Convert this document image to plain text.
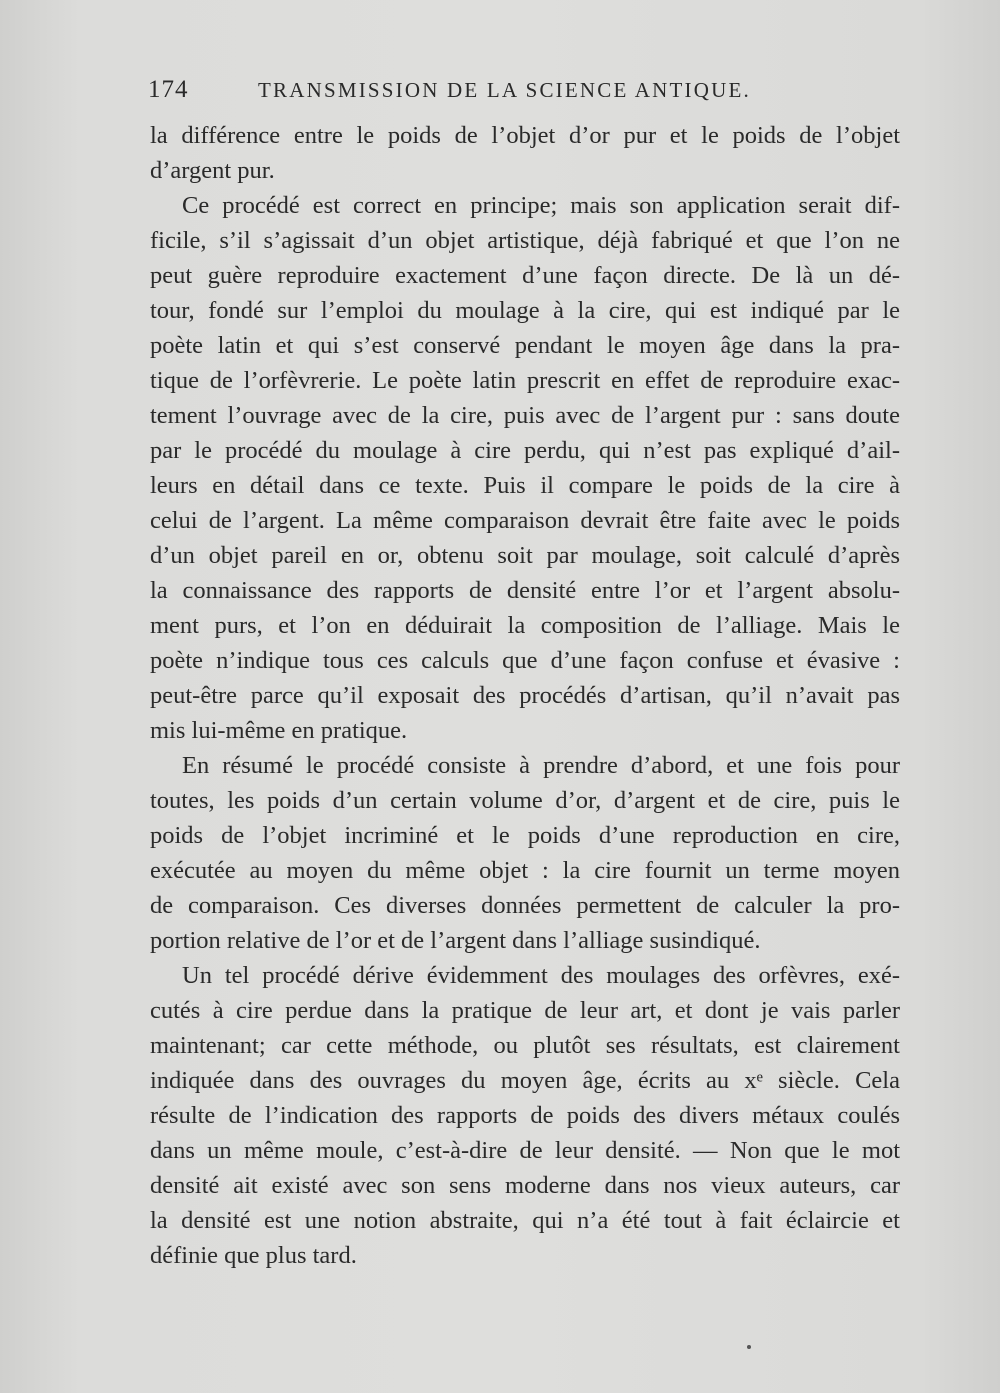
174	TRANSMISSION DE LA SCIENCE ANTIQUE.
la différence entre le poids de l’objet d’or pur et le poids de l’objet
d’argent pur.
Ce procédé est correct en principe; mais son application serait dif-
ficile, s’il s’agissait d’un objet artistique, déjà fabriqué et que l’on ne
peut guère reproduire exactement d’une façon directe. De là un dé-
tour, fondé sur l’emploi du moulage à la cire, qui est indiqué par le
poète latin et qui s’est conservé pendant le moyen âge dans la pra-
tique de l’orfèvrerie. Le poète latin prescrit en effet de reproduire exac-
tement l’ouvrage avec de la cire, puis avec de l’argent pur : sans doute
par le procédé du moulage à cire perdu, qui n’est pas expliqué d’ail-
leurs en détail dans ce texte. Puis il compare le poids de la cire à
celui de l’argent. La même comparaison devrait être faite avec le poids
d’un objet pareil en or, obtenu soit par moulage, soit calculé d’après
la connaissance des rapports de densité entre l’or et l’argent absolu-
ment purs, et l’on en déduirait la composition de l’alliage. Mais le
poète n’indique tous ces calculs que d’une façon confuse et évasive :
peut-être parce qu’il exposait des procédés d’artisan, qu’il n’avait pas
mis lui-même en pratique.
En résumé le procédé consiste à prendre d’abord, et une fois pour
toutes, les poids d’un certain volume d’or, d’argent et de cire, puis le
poids de l’objet incriminé et le poids d’une reproduction en cire,
exécutée au moyen du même objet : la cire fournit un terme moyen
de comparaison. Ces diverses données permettent de calculer la pro-
portion relative de l’or et de l’argent dans l’alliage susindiqué.
Un tel procédé dérive évidemment des moulages des orfèvres, exé-
cutés à cire perdue dans la pratique de leur art, et dont je vais parler
maintenant; car cette méthode, ou plutôt ses résultats, est clairement
indiquée dans des ouvrages du moyen âge, écrits au xᵉ siècle. Cela
résulte de l’indication des rapports de poids des divers métaux coulés
dans un même moule, c’est-à-dire de leur densité. — Non que le mot
densité ait existé avec son sens moderne dans nos vieux auteurs, car
la densité est une notion abstraite, qui n’a été tout à fait éclaircie et
définie que plus tard.
